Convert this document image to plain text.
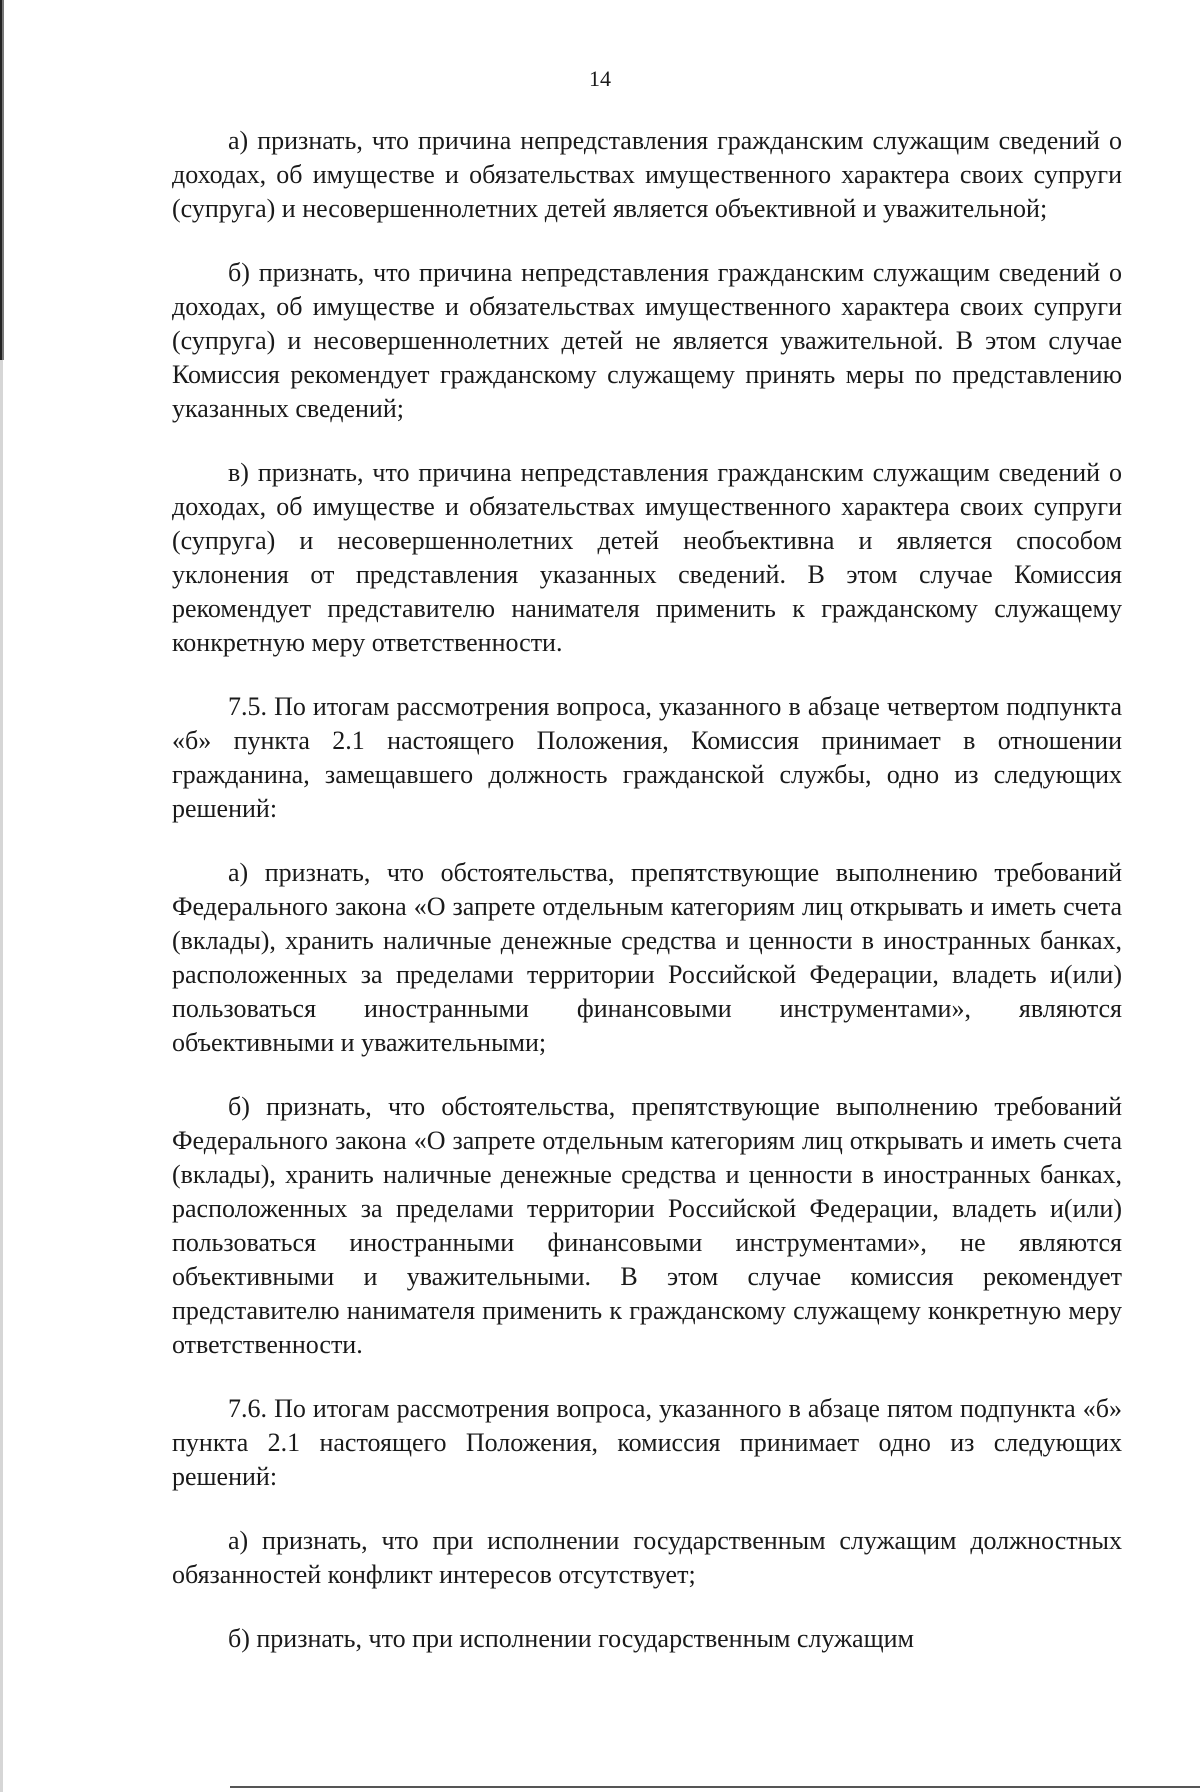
14

а) признать, что причина непредставления гражданским служащим сведений о доходах, об имуществе и обязательствах имущественного характера своих супруги (супруга) и несовершеннолетних детей является объективной и уважительной;

б) признать, что причина непредставления гражданским служащим сведений о доходах, об имуществе и обязательствах имущественного характера своих супруги (супруга) и несовершеннолетних детей не является уважительной. В этом случае Комиссия рекомендует гражданскому служащему принять меры по представлению указанных сведений;

в) признать, что причина непредставления гражданским служащим сведений о доходах, об имуществе и обязательствах имущественного характера своих супруги (супруга) и несовершеннолетних детей необъективна и является способом уклонения от представления указанных сведений. В этом случае Комиссия рекомендует представителю нанимателя применить к гражданскому служащему конкретную меру ответственности.

7.5. По итогам рассмотрения вопроса, указанного в абзаце четвертом подпункта «б» пункта 2.1 настоящего Положения, Комиссия принимает в отношении гражданина, замещавшего должность гражданской службы, одно из следующих решений:

а) признать, что обстоятельства, препятствующие выполнению требований Федерального закона «О запрете отдельным категориям лиц открывать и иметь счета (вклады), хранить наличные денежные средства и ценности в иностранных банках, расположенных за пределами территории Российской Федерации, владеть и(или) пользоваться иностранными финансовыми инструментами», являются объективными и уважительными;

б) признать, что обстоятельства, препятствующие выполнению требований Федерального закона «О запрете отдельным категориям лиц открывать и иметь счета (вклады), хранить наличные денежные средства и ценности в иностранных банках, расположенных за пределами территории Российской Федерации, владеть и(или) пользоваться иностранными финансовыми инструментами», не являются объективными и уважительными. В этом случае комиссия рекомендует представителю нанимателя применить к гражданскому служащему конкретную меру ответственности.

7.6. По итогам рассмотрения вопроса, указанного в абзаце пятом подпункта «б» пункта 2.1 настоящего Положения, комиссия принимает одно из следующих решений:

а) признать, что при исполнении государственным служащим должностных обязанностей конфликт интересов отсутствует;

б) признать, что при исполнении государственным служащим
